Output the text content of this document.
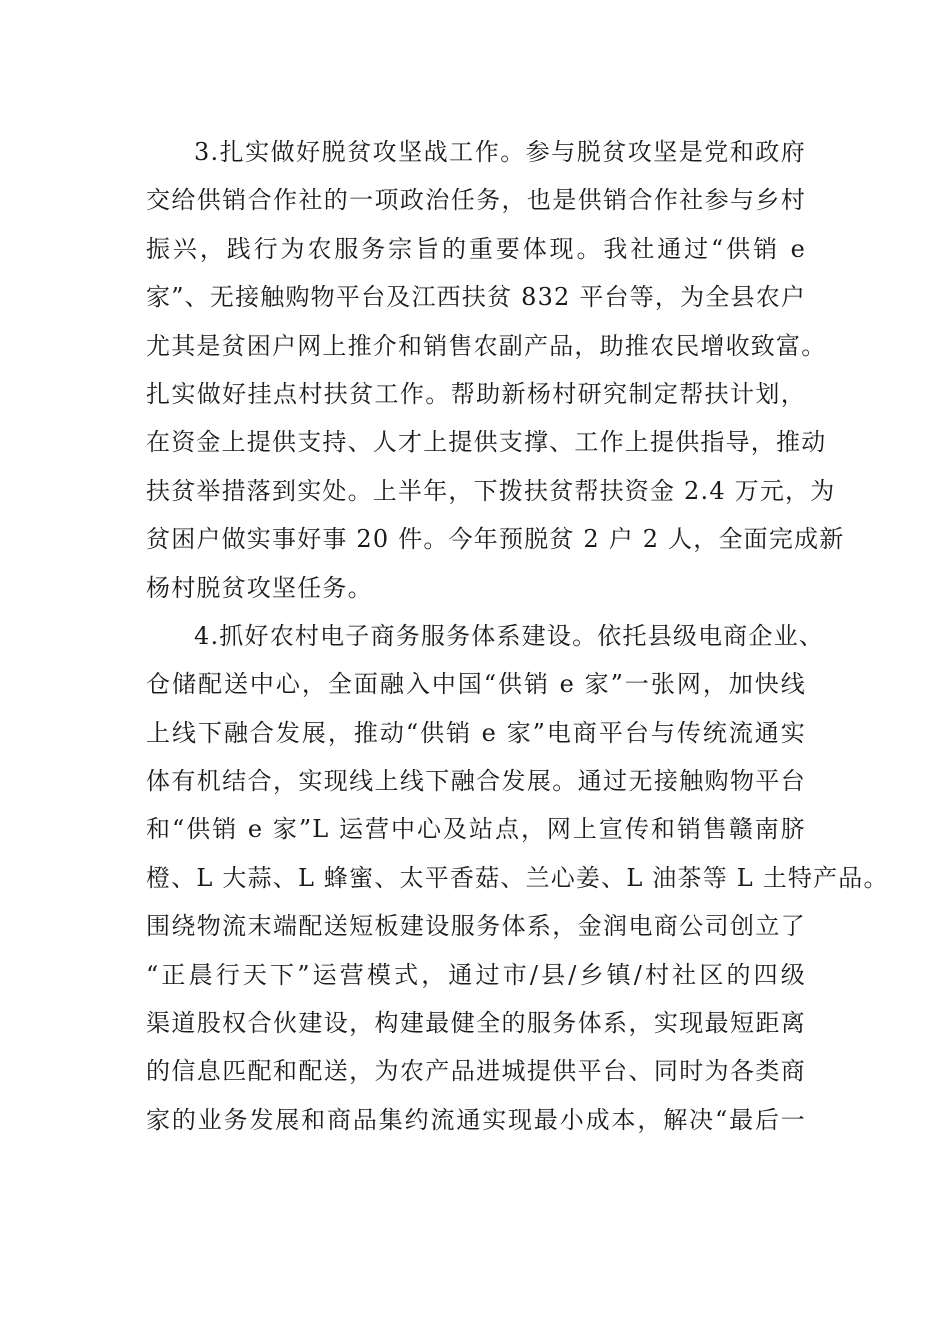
3.扎实做好脱贫攻坚战工作。参与脱贫攻坚是党和政府
交给供销合作社的一项政治任务，也是供销合作社参与乡村
振兴，践行为农服务宗旨的重要体现。我社通过“供销 e
家”、无接触购物平台及江西扶贫 832 平台等，为全县农户
尤其是贫困户网上推介和销售农副产品，助推农民增收致富。
扎实做好挂点村扶贫工作。帮助新杨村研究制定帮扶计划，
在资金上提供支持、人才上提供支撑、工作上提供指导，推动
扶贫举措落到实处。上半年，下拨扶贫帮扶资金 2.4 万元，为
贫困户做实事好事 20 件。今年预脱贫 2 户 2 人，全面完成新
杨村脱贫攻坚任务。
4.抓好农村电子商务服务体系建设。依托县级电商企业、
仓储配送中心，全面融入中国“供销 e 家”一张网，加快线
上线下融合发展，推动“供销 e 家”电商平台与传统流通实
体有机结合，实现线上线下融合发展。通过无接触购物平台
和“供销 e 家”L 运营中心及站点，网上宣传和销售赣南脐
橙、L 大蒜、L 蜂蜜、太平香菇、兰心姜、L 油茶等 L 土特产品。
围绕物流末端配送短板建设服务体系，金润电商公司创立了
“正晨行天下”运营模式，通过市/县/乡镇/村社区的四级
渠道股权合伙建设，构建最健全的服务体系，实现最短距离
的信息匹配和配送，为农产品进城提供平台、同时为各类商
家的业务发展和商品集约流通实现最小成本，解决“最后一
